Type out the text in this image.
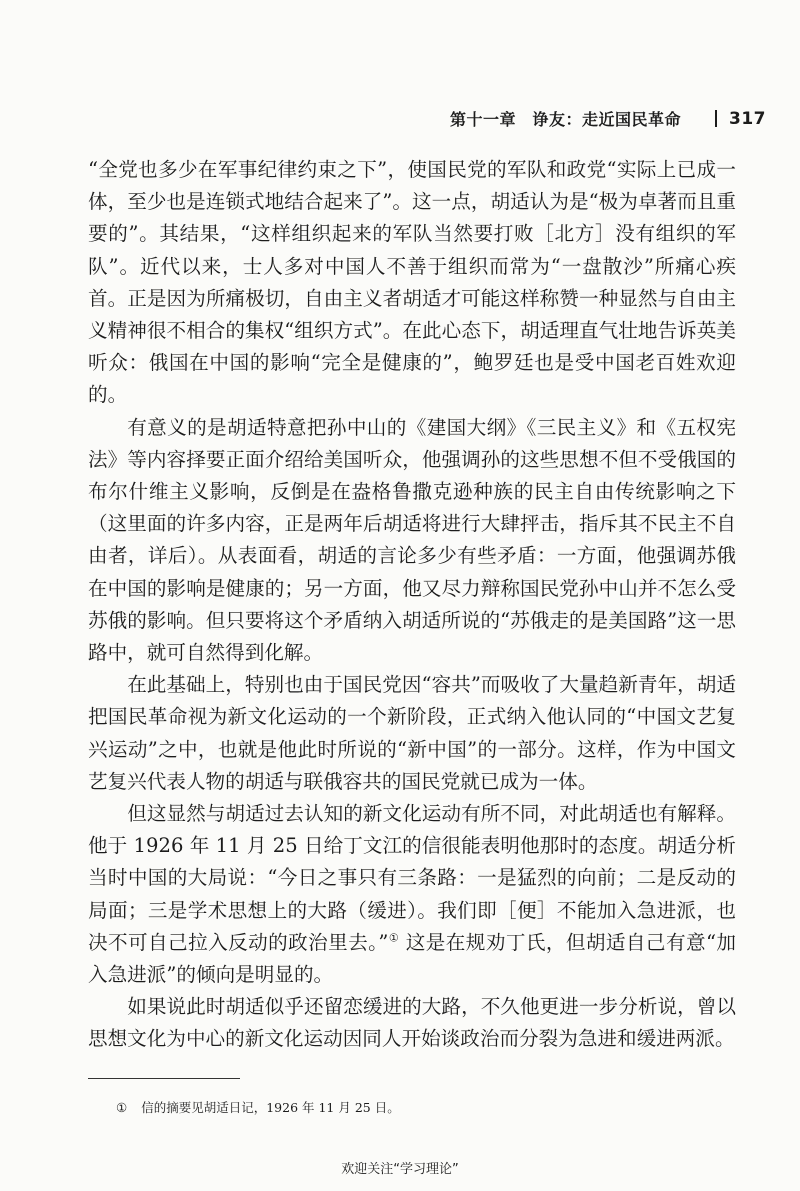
第十一章　诤友：走近国民革命	317

“全党也多少在军事纪律约束之下”，使国民党的军队和政党“实际上已成一体，至少也是连锁式地结合起来了”。这一点，胡适认为是“极为卓著而且重要的”。其结果，“这样组织起来的军队当然要打败［北方］没有组织的军队”。近代以来，士人多对中国人不善于组织而常为“一盘散沙”所痛心疾首。正是因为所痛极切，自由主义者胡适才可能这样称赞一种显然与自由主义精神很不相合的集权“组织方式”。在此心态下，胡适理直气壮地告诉英美听众：俄国在中国的影响“完全是健康的”，鲍罗廷也是受中国老百姓欢迎的。

有意义的是胡适特意把孙中山的《建国大纲》《三民主义》和《五权宪法》等内容择要正面介绍给美国听众，他强调孙的这些思想不但不受俄国的布尔什维主义影响，反倒是在盎格鲁撒克逊种族的民主自由传统影响之下（这里面的许多内容，正是两年后胡适将进行大肆抨击，指斥其不民主不自由者，详后）。从表面看，胡适的言论多少有些矛盾：一方面，他强调苏俄在中国的影响是健康的；另一方面，他又尽力辩称国民党孙中山并不怎么受苏俄的影响。但只要将这个矛盾纳入胡适所说的“苏俄走的是美国路”这一思路中，就可自然得到化解。

在此基础上，特别也由于国民党因“容共”而吸收了大量趋新青年，胡适把国民革命视为新文化运动的一个新阶段，正式纳入他认同的“中国文艺复兴运动”之中，也就是他此时所说的“新中国”的一部分。这样，作为中国文艺复兴代表人物的胡适与联俄容共的国民党就已成为一体。

但这显然与胡适过去认知的新文化运动有所不同，对此胡适也有解释。他于 1926 年 11 月 25 日给丁文江的信很能表明他那时的态度。胡适分析当时中国的大局说：“今日之事只有三条路：一是猛烈的向前；二是反动的局面；三是学术思想上的大路（缓进）。我们即［便］不能加入急进派，也决不可自己拉入反动的政治里去。”① 这是在规劝丁氏，但胡适自己有意“加入急进派”的倾向是明显的。

如果说此时胡适似乎还留恋缓进的大路，不久他更进一步分析说，曾以思想文化为中心的新文化运动因同人开始谈政治而分裂为急进和缓进两派。

① 信的摘要见胡适日记，1926 年 11 月 25 日。
欢迎关注“学习理论”
